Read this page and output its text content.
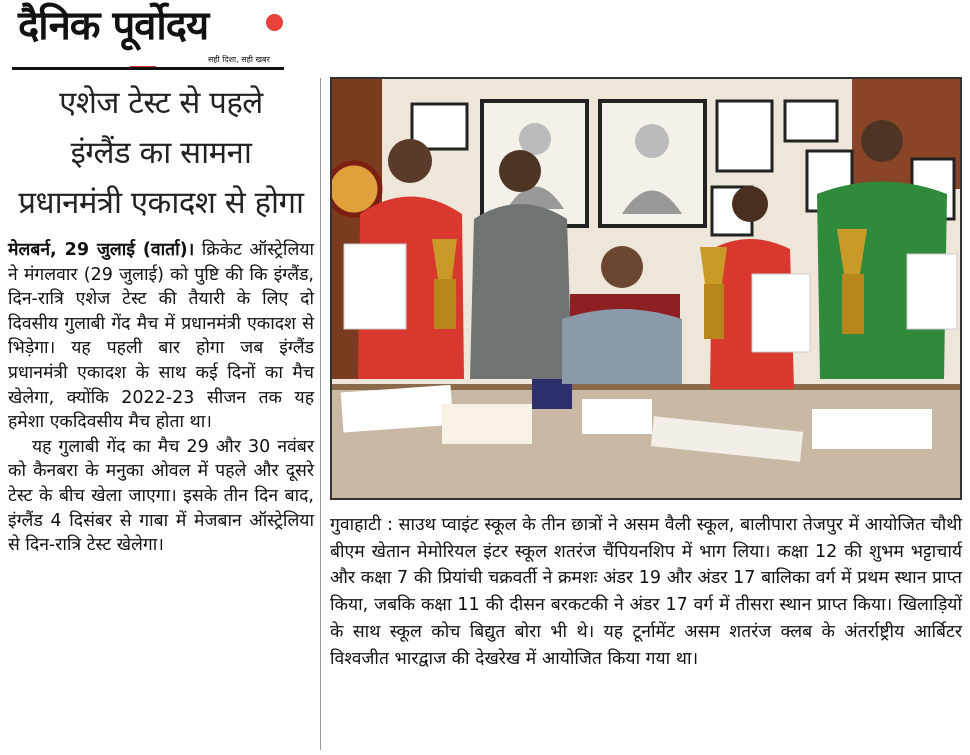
दैनिक पूर्वोदय
सही दिशा, सही खबर
एशेज टेस्ट से पहले
इंग्लैंड का सामना
प्रधानमंत्री एकादश से होगा

मेलबर्न, 29 जुलाई (वार्ता)। क्रिकेट ऑस्ट्रेलिया ने मंगलवार (29 जुलाई) को पुष्टि की कि इंग्लैंड, दिन-रात्रि एशेज टेस्ट की तैयारी के लिए दो दिवसीय गुलाबी गेंद मैच में प्रधानमंत्री एकादश से भिड़ेगा। यह पहली बार होगा जब इंग्लैंड प्रधानमंत्री एकादश के साथ कई दिनों का मैच खेलेगा, क्योंकि 2022-23 सीजन तक यह हमेशा एकदिवसीय मैच होता था।

यह गुलाबी गेंद का मैच 29 और 30 नवंबर को कैनबरा के मनुका ओवल में पहले और दूसरे टेस्ट के बीच खेला जाएगा। इसके तीन दिन बाद, इंग्लैंड 4 दिसंबर से गाबा में मेजबान ऑस्ट्रेलिया से दिन-रात्रि टेस्ट खेलेगा।

गुवाहाटी : साउथ प्वाइंट स्कूल के तीन छात्रों ने असम वैली स्कूल, बालीपारा तेजपुर में आयोजित चौथी बीएम खेतान मेमोरियल इंटर स्कूल शतरंज चैंपियनशिप में भाग लिया। कक्षा 12 की शुभम भट्टाचार्य और कक्षा 7 की प्रियांची चक्रवर्ती ने क्रमशः अंडर 19 और अंडर 17 बालिका वर्ग में प्रथम स्थान प्राप्त किया, जबकि कक्षा 11 की दीसन बरकटकी ने अंडर 17 वर्ग में तीसरा स्थान प्राप्त किया। खिलाड़ियों के साथ स्कूल कोच बिद्युत बोरा भी थे। यह टूर्नामेंट असम शतरंज क्लब के अंतर्राष्ट्रीय आर्बिटर विश्वजीत भारद्वाज की देखरेख में आयोजित किया गया था।
